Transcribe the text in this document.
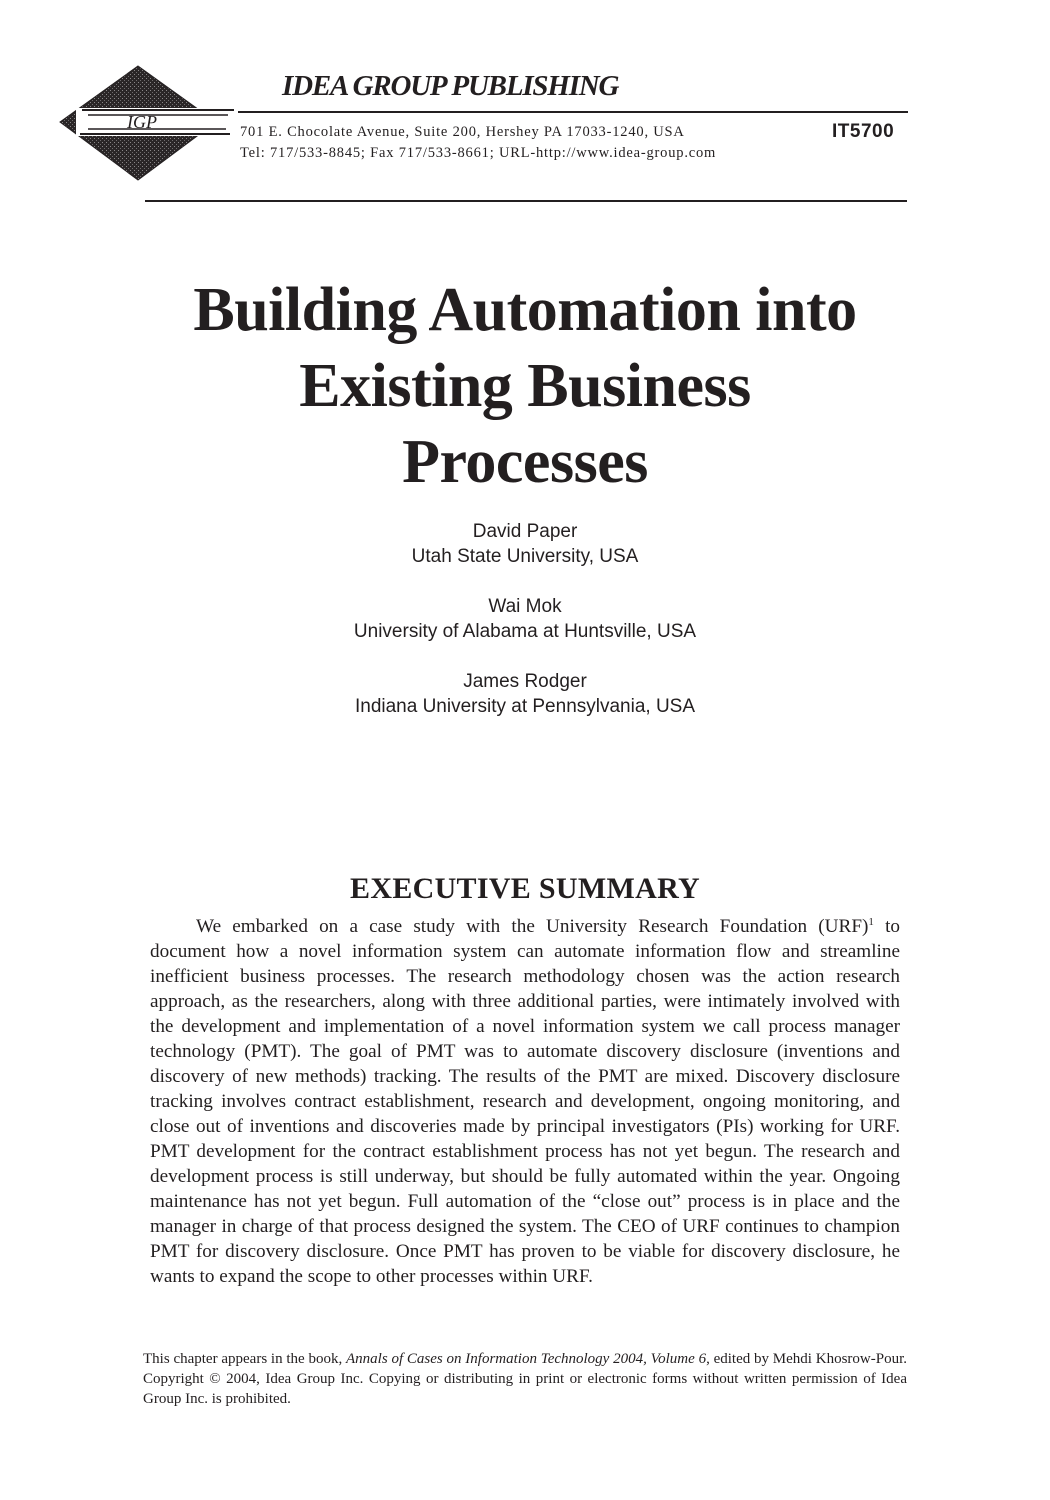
IGP
IDEA GROUP PUBLISHING
701 E. Chocolate Avenue, Suite 200, Hershey PA 17033-1240, USA
Tel: 717/533-8845; Fax 717/533-8661; URL-http://www.idea-group.com
IT5700
Building Automation into
Existing Business
Processes
David Paper
Utah State University, USA
Wai Mok
University of Alabama at Huntsville, USA
James Rodger
Indiana University at Pennsylvania, USA
EXECUTIVE SUMMARY

We embarked on a case study with the University Research Foundation (URF)$^1$ to document how a novel information system can automate information flow and streamline inefficient business processes. The research methodology chosen was the action research approach, as the researchers, along with three additional parties, were intimately involved with the development and implementation of a novel information system we call process manager technology (PMT). The goal of PMT was to automate discovery disclosure (inventions and discovery of new methods) tracking. The results of the PMT are mixed. Discovery disclosure tracking involves contract establishment, research and development, ongoing monitoring, and close out of inventions and discoveries made by principal investigators (PIs) working for URF. PMT development for the contract establishment process has not yet begun. The research and development process is still underway, but should be fully automated within the year. Ongoing maintenance has not yet begun. Full automation of the “close out” process is in place and the manager in charge of that process designed the system. The CEO of URF continues to champion PMT for discovery disclosure. Once PMT has proven to be viable for discovery disclosure, he wants to expand the scope to other processes within URF.

This chapter appears in the book, Annals of Cases on Information Technology 2004, Volume 6, edited by Mehdi Khosrow-Pour. Copyright © 2004, Idea Group Inc. Copying or distributing in print or electronic forms without written permission of Idea Group Inc. is prohibited.
